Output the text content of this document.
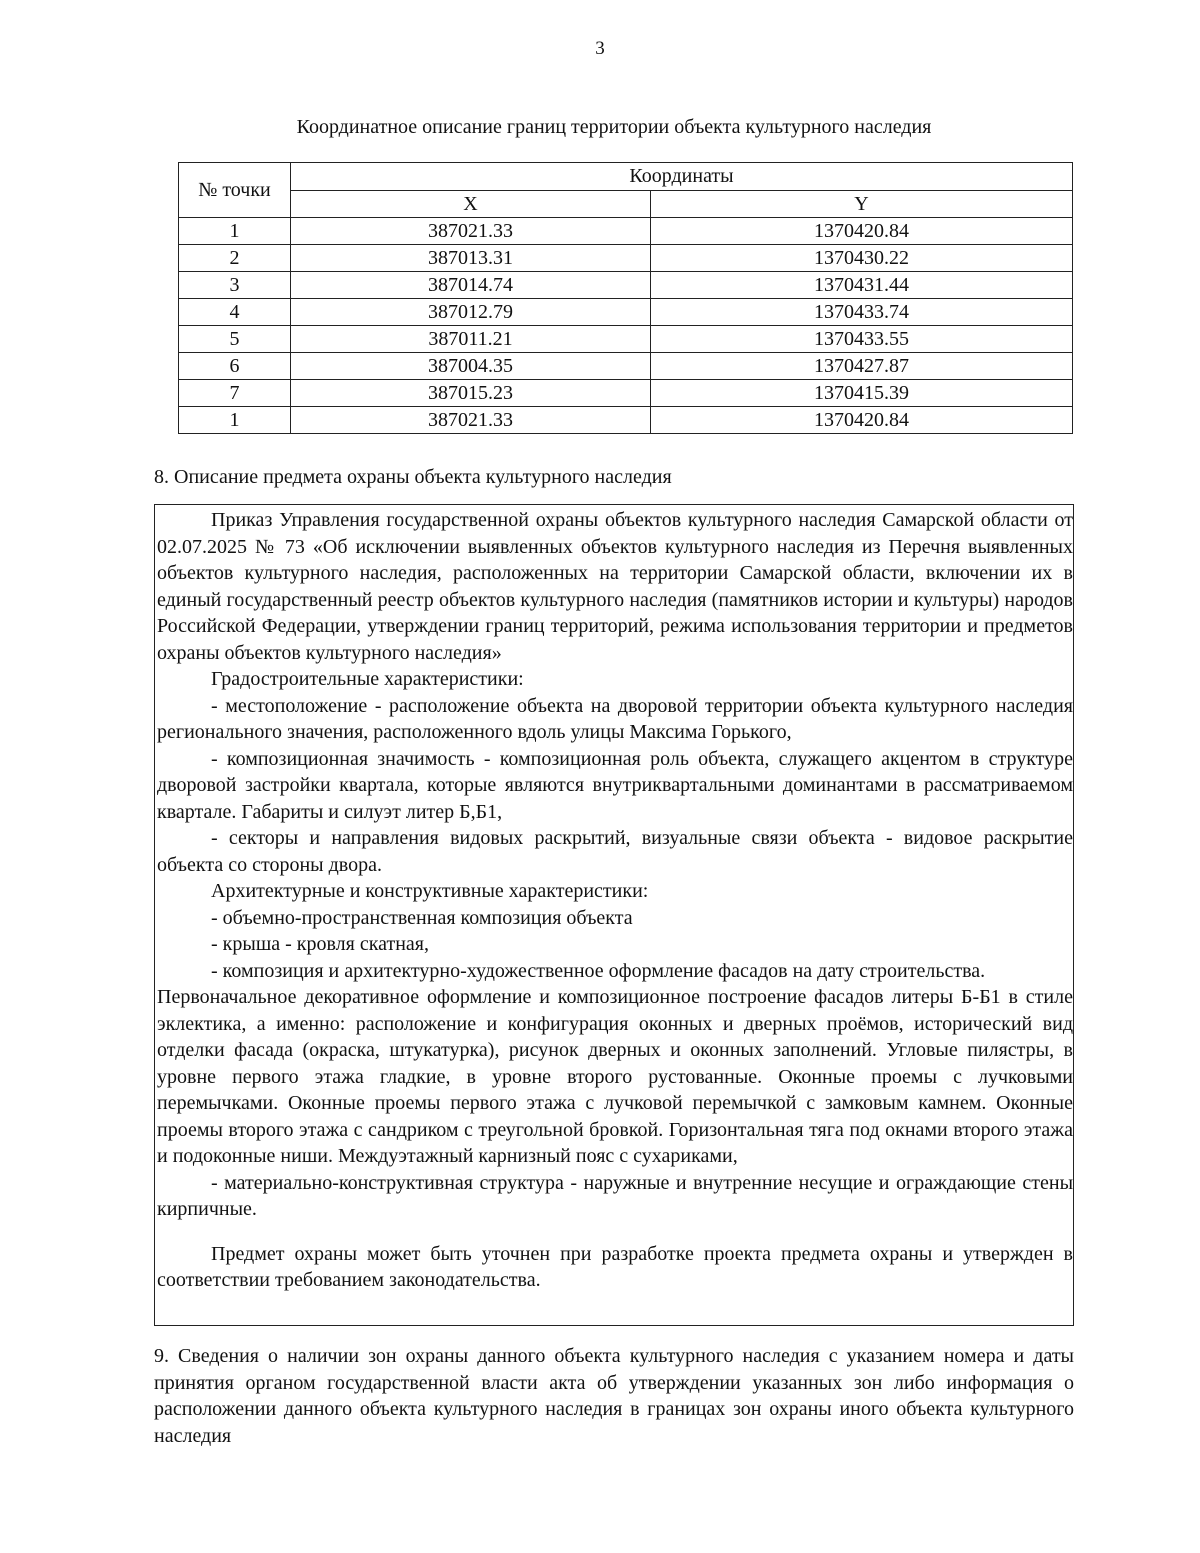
3
Координатное описание границ территории объекта культурного наследия
№ точки	Координаты	
	X	Y
1	387021.33	1370420.84
2	387013.31	1370430.22
3	387014.74	1370431.44
4	387012.79	1370433.74
5	387011.21	1370433.55
6	387004.35	1370427.87
7	387015.23	1370415.39
1	387021.33	1370420.84
8. Описание предмета охраны объекта культурного наследия

Приказ Управления государственной охраны объектов культурного наследия Самарской области от 02.07.2025 № 73 «Об исключении выявленных объектов культурного наследия из Перечня выявленных объектов культурного наследия, расположенных на территории Самарской области, включении их в единый государственный реестр объектов культурного наследия (памятников истории и культуры) народов Российской Федерации, утверждении границ территорий, режима использования территории и предметов охраны объектов культурного наследия»

Градостроительные характеристики:

- местоположение - расположение объекта на дворовой территории объекта культурного наследия регионального значения, расположенного вдоль улицы Максима Горького,

- композиционная значимость - композиционная роль объекта, служащего акцентом в структуре дворовой застройки квартала, которые являются внутриквартальными доминантами в рассматриваемом квартале. Габариты и силуэт литер Б,Б1,

- секторы и направления видовых раскрытий, визуальные связи объекта - видовое раскрытие объекта со стороны двора.

Архитектурные и конструктивные характеристики:

- объемно-пространственная композиция объекта

- крыша - кровля скатная,

- композиция и архитектурно-художественное оформление фасадов на дату строительства.

Первоначальное декоративное оформление и композиционное построение фасадов литеры Б-Б1 в стиле эклектика, а именно: расположение и конфигурация оконных и дверных проёмов, исторический вид отделки фасада (окраска, штукатурка), рисунок дверных и оконных заполнений. Угловые пилястры, в уровне первого этажа гладкие, в уровне второго рустованные. Оконные проемы с лучковыми перемычками. Оконные проемы первого этажа с лучковой перемычкой с замковым камнем. Оконные проемы второго этажа с сандриком с треугольной бровкой. Горизонтальная тяга под окнами второго этажа и подоконные ниши. Междуэтажный карнизный пояс с сухариками,

- материально-конструктивная структура - наружные и внутренние несущие и ограждающие стены кирпичные.

Предмет охраны может быть уточнен при разработке проекта предмета охраны и утвержден в соответствии требованием законодательства.

9. Сведения о наличии зон охраны данного объекта культурного наследия с указанием номера и даты принятия органом государственной власти акта об утверждении указанных зон либо информация о расположении данного объекта культурного наследия в границах зон охраны иного объекта культурного наследия
